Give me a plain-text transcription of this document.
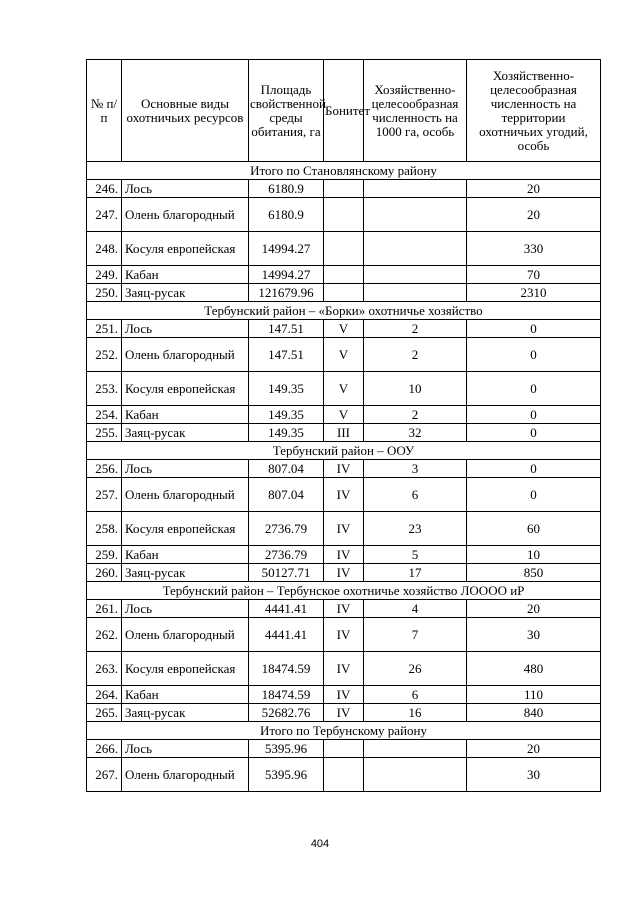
№ п/п	Основные виды охотничьих ресурсов	Площадь свойственной среды обитания, га	Бонитет	Хозяйственно-целесообразная численность на 1000 га, особь	Хозяйственно-целесообразная численность на территории охотничьих угодий, особь
Итого по Становлянскому району					
246.	Лось	6180.9			20
247.	Олень благородный	6180.9			20
248.	Косуля европейская	14994.27			330
249.	Кабан	14994.27			70
250.	Заяц-русак	121679.96			2310
Тербунский район – «Борки» охотничье хозяйство					
251.	Лось	147.51	V	2	0
252.	Олень благородный	147.51	V	2	0
253.	Косуля европейская	149.35	V	10	0
254.	Кабан	149.35	V	2	0
255.	Заяц-русак	149.35	III	32	0
Тербунский район – ООУ					
256.	Лось	807.04	IV	3	0
257.	Олень благородный	807.04	IV	6	0
258.	Косуля европейская	2736.79	IV	23	60
259.	Кабан	2736.79	IV	5	10
260.	Заяц-русак	50127.71	IV	17	850
Тербунский район – Тербунское охотничье хозяйство ЛОООО иР					
261.	Лось	4441.41	IV	4	20
262.	Олень благородный	4441.41	IV	7	30
263.	Косуля европейская	18474.59	IV	26	480
264.	Кабан	18474.59	IV	6	110
265.	Заяц-русак	52682.76	IV	16	840
Итого по Тербунскому району					
266.	Лось	5395.96			20
267.	Олень благородный	5395.96			30
404
